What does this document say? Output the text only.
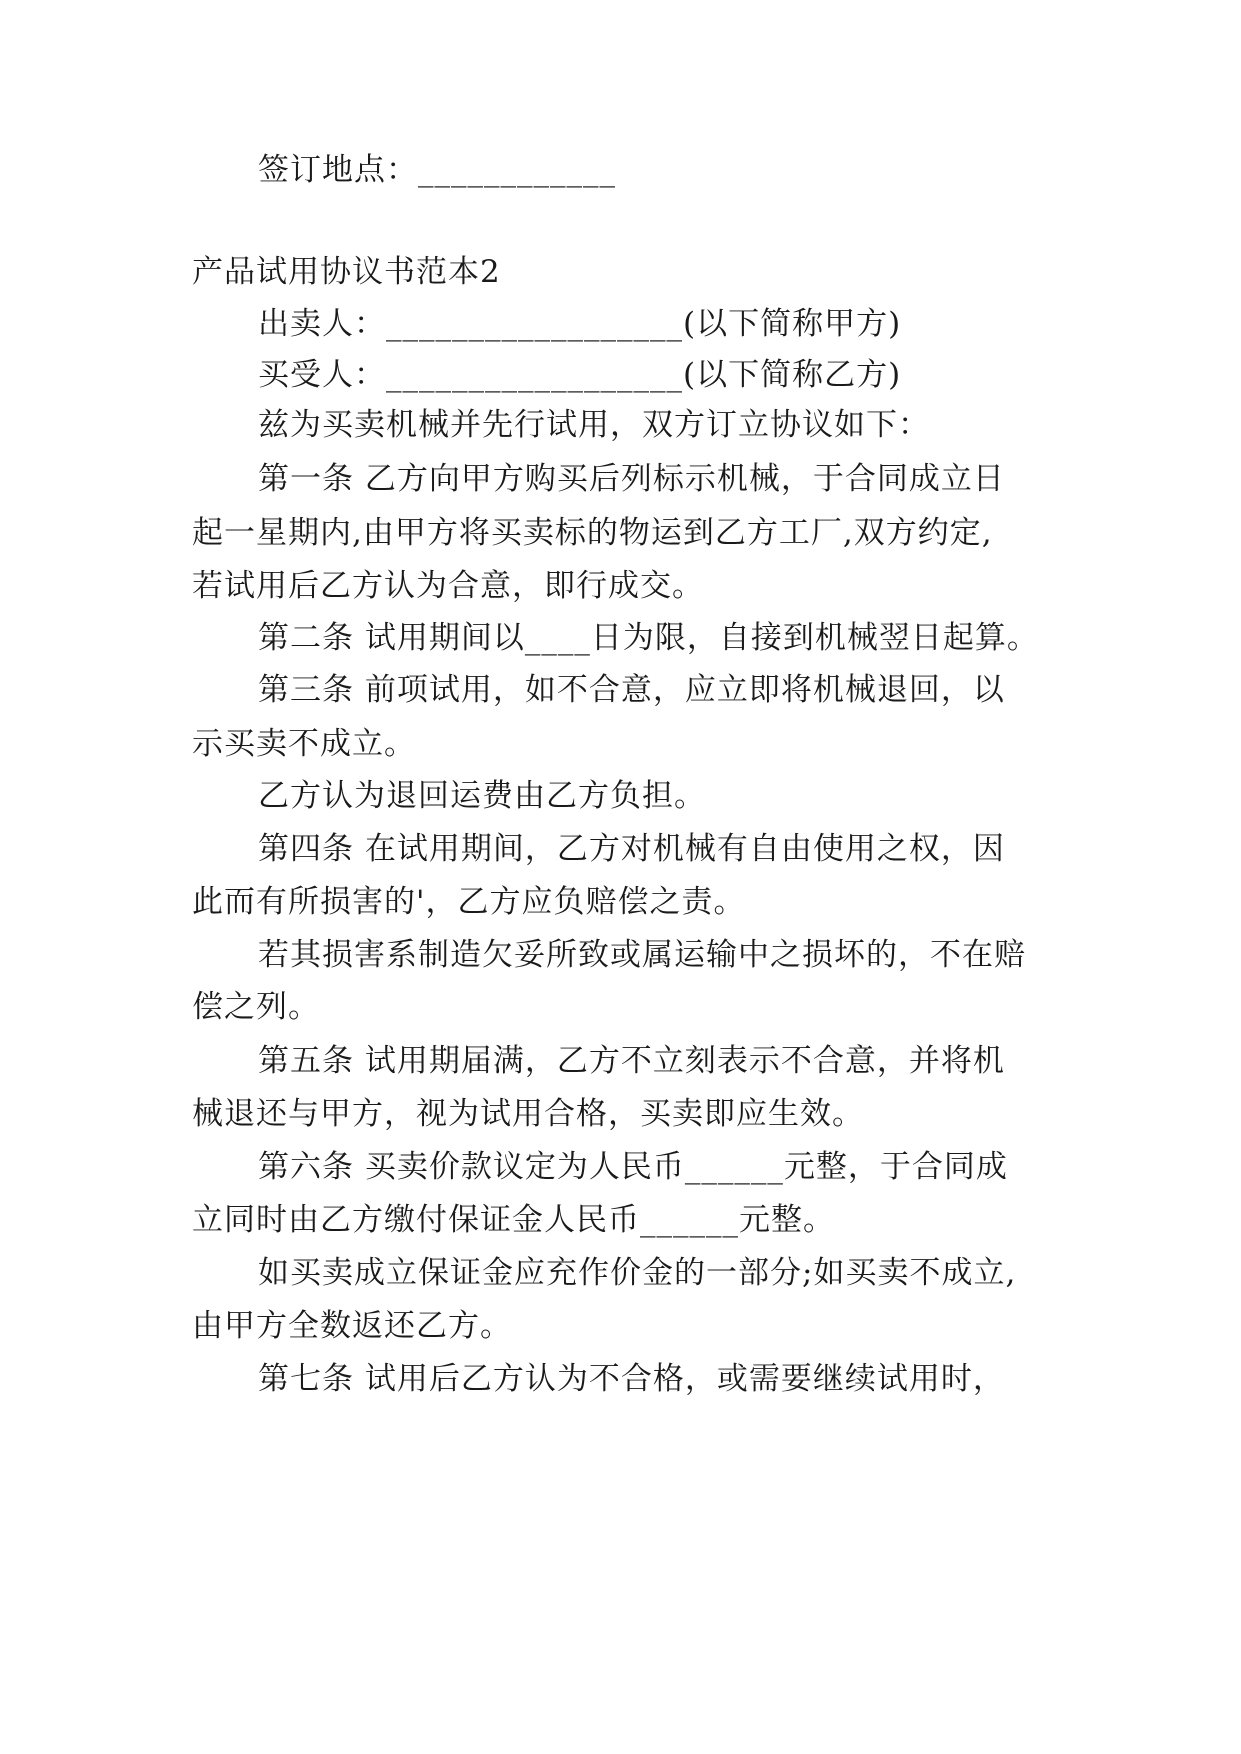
签订地点：____________
产品试用协议书范本2
出卖人：__________________(以下简称甲方)
买受人：__________________(以下简称乙方)
兹为买卖机械并先行试用，双方订立协议如下：
第一条 乙方向甲方购买后列标示机械，于合同成立日
起一星期内,由甲方将买卖标的物运到乙方工厂,双方约定,
若试用后乙方认为合意，即行成交。
第二条 试用期间以____日为限，自接到机械翌日起算。
第三条 前项试用，如不合意，应立即将机械退回，以
示买卖不成立。
乙方认为退回运费由乙方负担。
第四条 在试用期间，乙方对机械有自由使用之权，因
此而有所损害的'，乙方应负赔偿之责。
若其损害系制造欠妥所致或属运输中之损坏的，不在赔
偿之列。
第五条 试用期届满，乙方不立刻表示不合意，并将机
械退还与甲方，视为试用合格，买卖即应生效。
第六条 买卖价款议定为人民币______元整，于合同成
立同时由乙方缴付保证金人民币______元整。
如买卖成立保证金应充作价金的一部分;如买卖不成立,
由甲方全数返还乙方。
第七条 试用后乙方认为不合格，或需要继续试用时，
